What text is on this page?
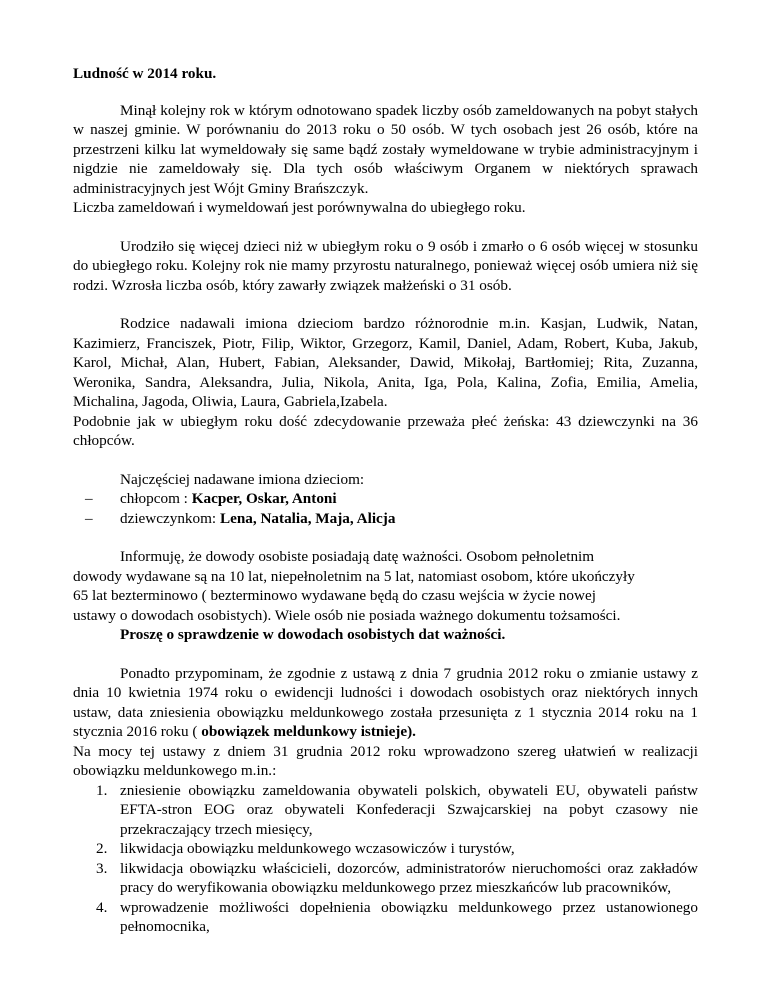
Ludność w 2014 roku.

Minął kolejny rok w którym odnotowano spadek liczby osób zameldowanych na pobyt stałych w naszej gminie. W porównaniu do 2013 roku o 50 osób. W tych osobach jest 26 osób, które na przestrzeni kilku lat wymeldowały się same bądź zostały wymeldowane w trybie administracyjnym i nigdzie nie zameldowały się. Dla tych osób właściwym Organem w niektórych sprawach administracyjnych jest Wójt Gminy Brańszczyk.

Liczba zameldowań i wymeldowań jest porównywalna do ubiegłego roku.

Urodziło się więcej dzieci niż w ubiegłym roku o 9 osób i zmarło o 6 osób więcej w stosunku do ubiegłego roku. Kolejny rok nie mamy przyrostu naturalnego, ponieważ więcej osób umiera niż się rodzi. Wzrosła liczba osób, który zawarły związek małżeński o 31 osób.

Rodzice nadawali imiona dzieciom bardzo różnorodnie m.in. Kasjan, Ludwik, Natan, Kazimierz, Franciszek, Piotr, Filip, Wiktor, Grzegorz, Kamil, Daniel, Adam, Robert, Kuba, Jakub, Karol, Michał, Alan, Hubert, Fabian, Aleksander, Dawid, Mikołaj, Bartłomiej; Rita, Zuzanna, Weronika, Sandra, Aleksandra, Julia, Nikola, Anita, Iga, Pola, Kalina, Zofia, Emilia, Amelia, Michalina, Jagoda, Oliwia, Laura, Gabriela,Izabela.

Podobnie jak w ubiegłym roku dość zdecydowanie przeważa płeć żeńska: 43 dziewczynki na 36 chłopców.

Najczęściej nadawane imiona dzieciom:

– chłopcom : Kacper, Oskar, Antoni
– dziewczynkom: Lena, Natalia, Maja, Alicja

Informuję, że dowody osobiste posiadają datę ważności. Osobom pełnoletnim

dowody wydawane są na 10 lat, niepełnoletnim na 5 lat, natomiast osobom, które ukończyły

65 lat bezterminowo ( bezterminowo wydawane będą do czasu wejścia w życie nowej

ustawy o dowodach osobistych). Wiele osób nie posiada ważnego dokumentu tożsamości.

Proszę o sprawdzenie w dowodach osobistych dat ważności.

Ponadto przypominam, że zgodnie z ustawą z dnia 7 grudnia 2012 roku o zmianie ustawy z dnia 10 kwietnia 1974 roku o ewidencji ludności i dowodach osobistych oraz niektórych innych ustaw, data zniesienia obowiązku meldunkowego została przesunięta z 1 stycznia 2014 roku na 1 stycznia 2016 roku ( obowiązek meldunkowy istnieje).

Na mocy tej ustawy z dniem 31 grudnia 2012 roku wprowadzono szereg ułatwień w realizacji obowiązku meldunkowego m.in.:

1. zniesienie obowiązku zameldowania obywateli polskich, obywateli EU, obywateli państw EFTA-stron EOG oraz obywateli Konfederacji Szwajcarskiej na pobyt czasowy nie przekraczający trzech miesięcy,
2. likwidacja obowiązku meldunkowego wczasowiczów i turystów,
3. likwidacja obowiązku właścicieli, dozorców, administratorów nieruchomości oraz zakładów pracy do weryfikowania obowiązku meldunkowego przez mieszkańców lub pracowników,
4. wprowadzenie możliwości dopełnienia obowiązku meldunkowego przez ustanowionego pełnomocnika,
